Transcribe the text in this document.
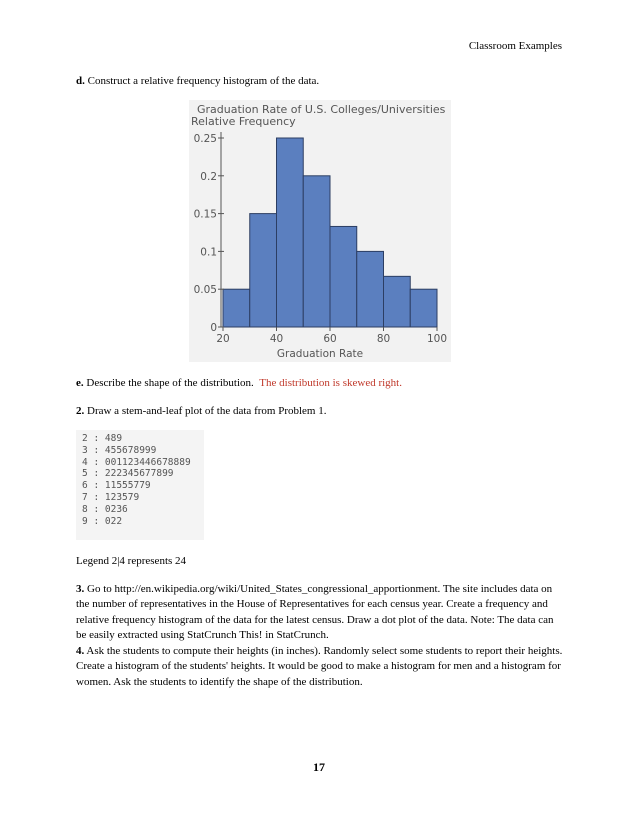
Classroom Examples
d. Construct a relative frequency histogram of the data.
Graduation Rate of U.S. Colleges/Universities
Relative Frequency
Graduation Rate
0
0.05
0.1
0.15
0.2
0.25
20	40	60	80	100
e. Describe the shape of the distribution. The distribution is skewed right.
2. Draw a stem-and-leaf plot of the data from Problem 1.
2 : 489
3 : 455678999
4 : 001123446678889
5 : 222345677899
6 : 11555779
7 : 123579
8 : 0236
9 : 022
Legend 2|4 represents 24
3. Go to http://en.wikipedia.org/wiki/United_States_congressional_apportionment. The site includes data on the number of representatives in the House of Representatives for each census year. Create a frequency and relative frequency histogram of the data for the latest census. Draw a dot plot of the data. Note: The data can be easily extracted using StatCrunch This! in StatCrunch.
4. Ask the students to compute their heights (in inches). Randomly select some students to report their heights. Create a histogram of the students' heights. It would be good to make a histogram for men and a histogram for women. Ask the students to identify the shape of the distribution.
17
